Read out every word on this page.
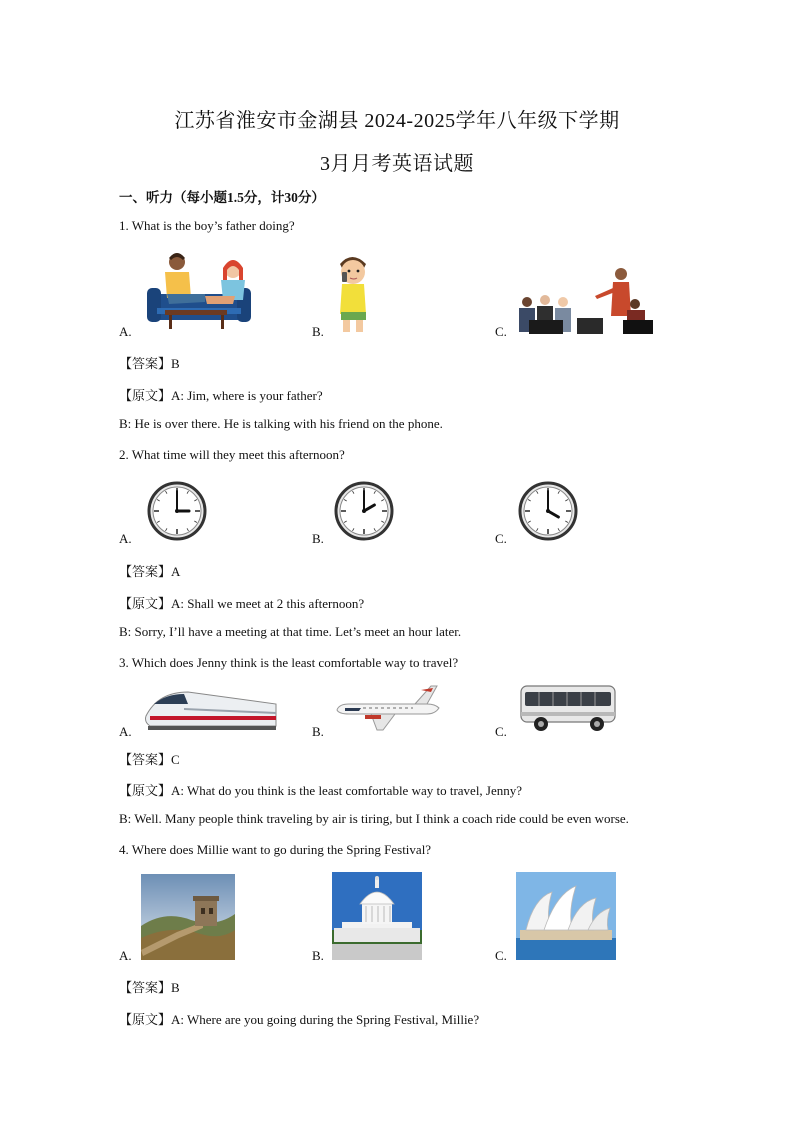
江苏省淮安市金湖县 2024-2025学年八年级下学期
3月月考英语试题
一、听力（每小题1.5分，计30分）
1. What is the boy’s father doing?
A.	B.	C.
【答案】B
【原文】A: Jim, where is your father?
B: He is over there. He is talking with his friend on the phone.
2. What time will they meet this afternoon?
A.	B.	C.
【答案】A
【原文】A: Shall we meet at 2 this afternoon?
B: Sorry, I’ll have a meeting at that time. Let’s meet an hour later.
3. Which does Jenny think is the least comfortable way to travel?
A.	B.	C.
【答案】C
【原文】A: What do you think is the least comfortable way to travel, Jenny?
B: Well. Many people think traveling by air is tiring, but I think a coach ride could be even worse.
4. Where does Millie want to go during the Spring Festival?
A.	B.	C.
【答案】B
【原文】A: Where are you going during the Spring Festival, Millie?
